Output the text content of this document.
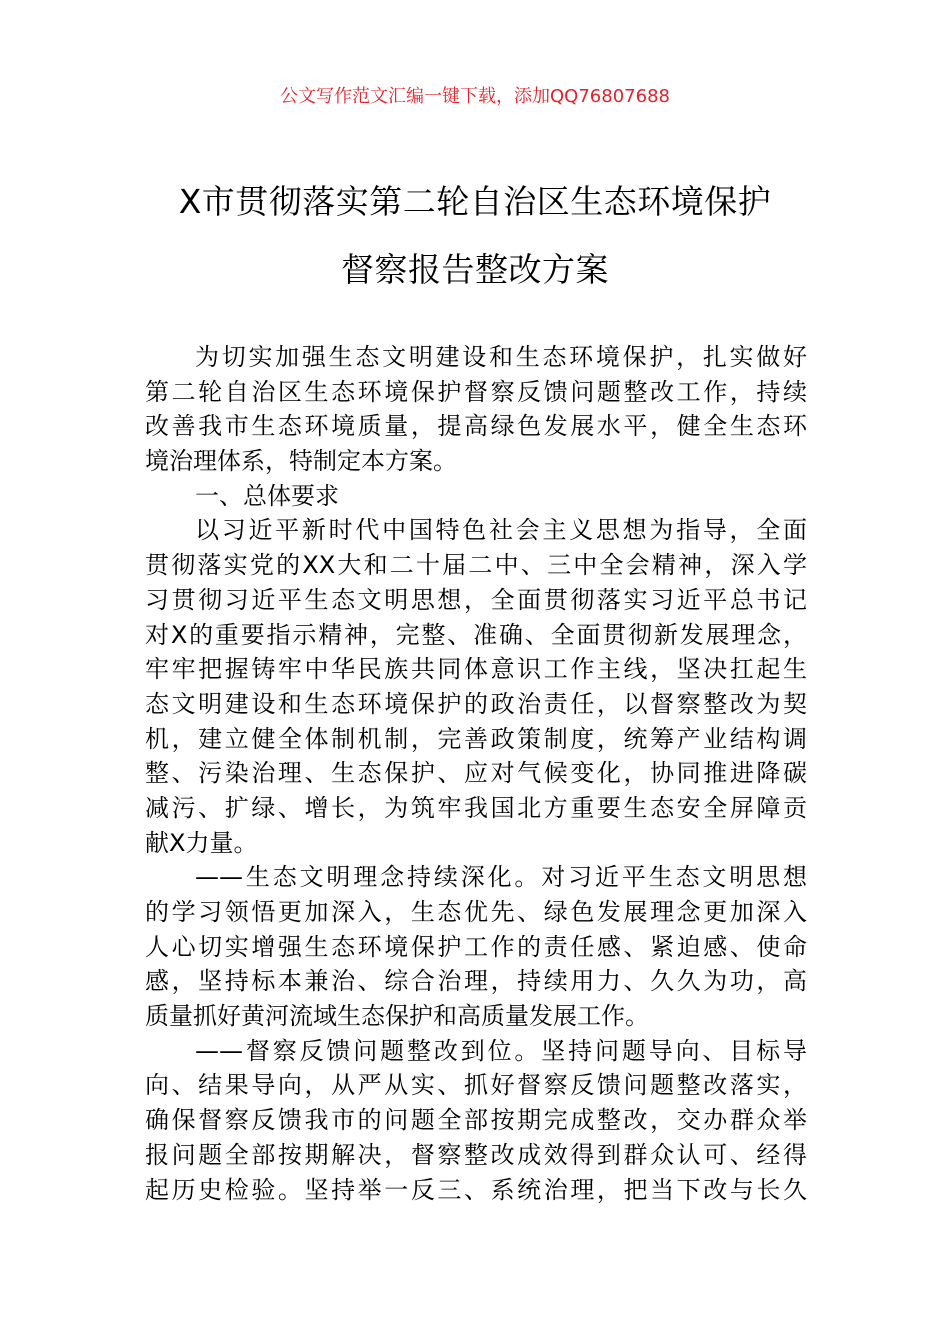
公文写作范文汇编一键下载，添加QQ76807688
X市贯彻落实第二轮自治区生态环境保护
督察报告整改方案
为切实加强生态文明建设和生态环境保护，扎实做好
第二轮自治区生态环境保护督察反馈问题整改工作，持续
改善我市生态环境质量，提高绿色发展水平，健全生态环
境治理体系，特制定本方案。
一、总体要求
以习近平新时代中国特色社会主义思想为指导，全面
贯彻落实党的XX大和二十届二中、三中全会精神，深入学
习贯彻习近平生态文明思想，全面贯彻落实习近平总书记
对X的重要指示精神，完整、准确、全面贯彻新发展理念，
牢牢把握铸牢中华民族共同体意识工作主线，坚决扛起生
态文明建设和生态环境保护的政治责任，以督察整改为契
机，建立健全体制机制，完善政策制度，统筹产业结构调
整、污染治理、生态保护、应对气候变化，协同推进降碳
减污、扩绿、增长，为筑牢我国北方重要生态安全屏障贡
献X力量。
——生态文明理念持续深化。对习近平生态文明思想
的学习领悟更加深入，生态优先、绿色发展理念更加深入
人心切实增强生态环境保护工作的责任感、紧迫感、使命
感，坚持标本兼治、综合治理，持续用力、久久为功，高
质量抓好黄河流域生态保护和高质量发展工作。
——督察反馈问题整改到位。坚持问题导向、目标导
向、结果导向，从严从实、抓好督察反馈问题整改落实，
确保督察反馈我市的问题全部按期完成整改，交办群众举
报问题全部按期解决，督察整改成效得到群众认可、经得
起历史检验。坚持举一反三、系统治理，把当下改与长久
